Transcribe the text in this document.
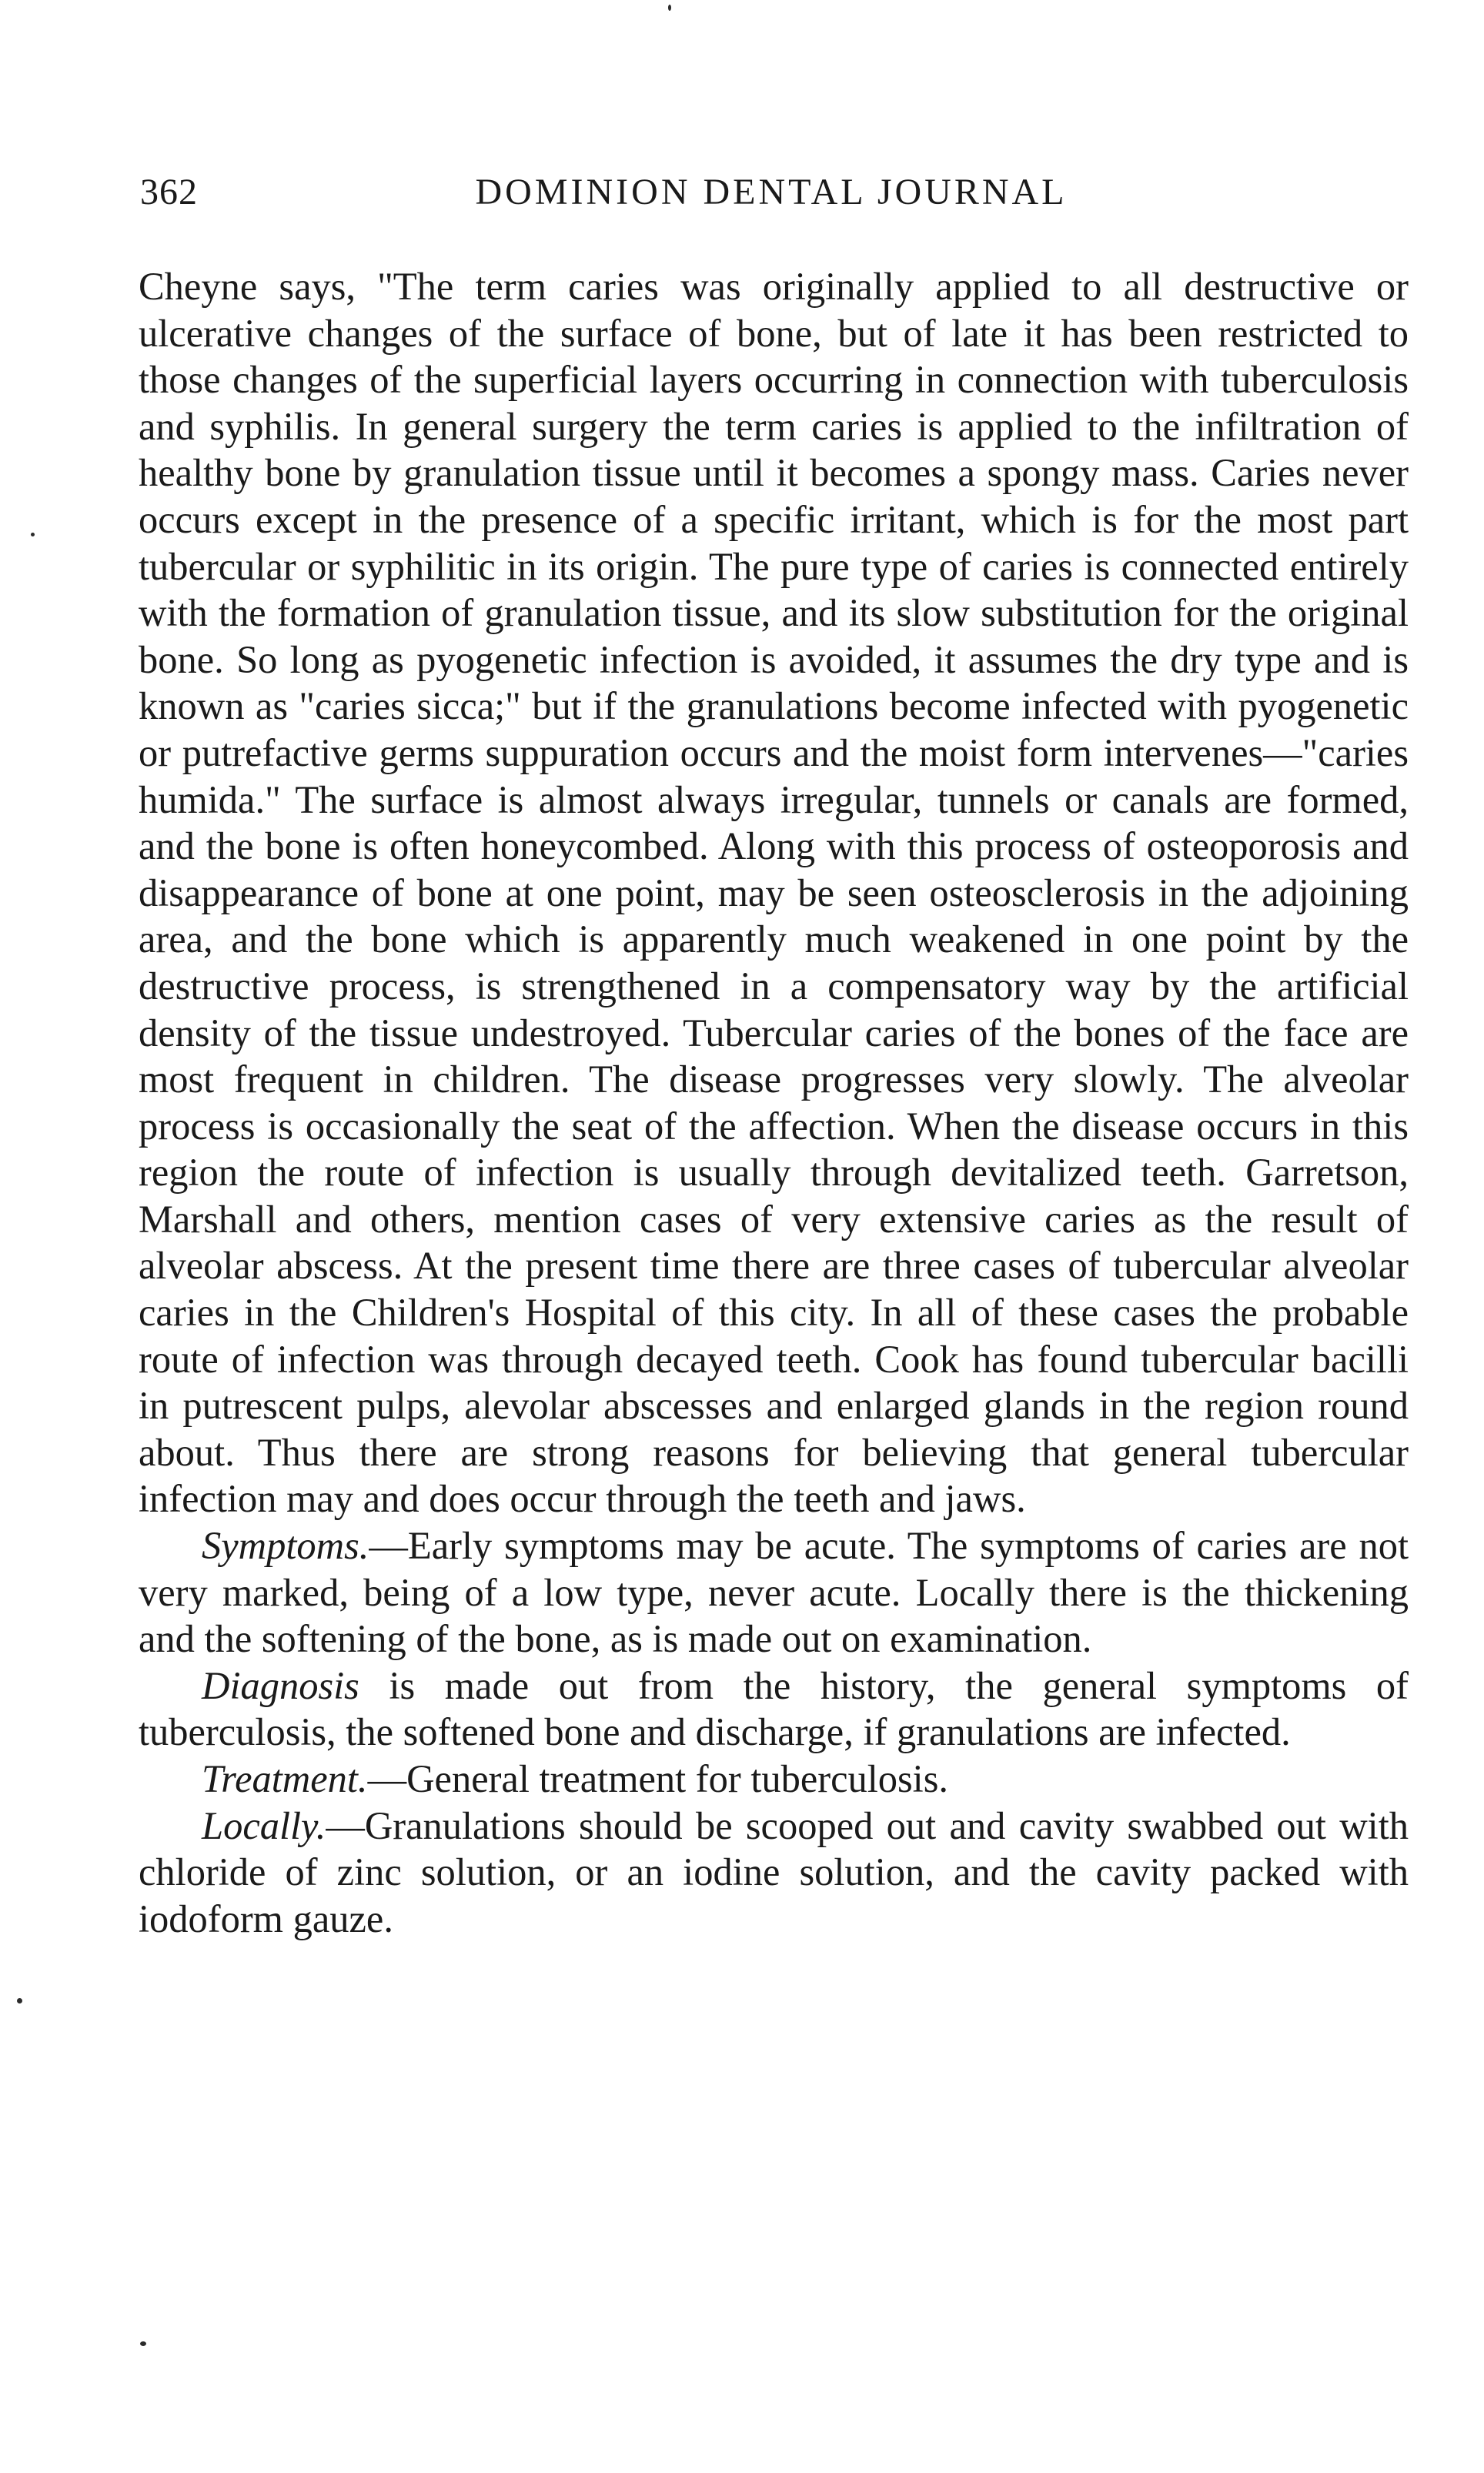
362	DOMINION DENTAL JOURNAL

Cheyne says, "The term caries was originally applied to all destructive or ulcerative changes of the surface of bone, but of late it has been restricted to those changes of the superficial layers occurring in connection with tuberculosis and syphilis. In general surgery the term caries is applied to the infiltration of healthy bone by granulation tissue until it becomes a spongy mass. Caries never occurs except in the presence of a specific irritant, which is for the most part tubercular or syphilitic in its origin. The pure type of caries is connected entirely with the formation of granulation tissue, and its slow substitution for the original bone. So long as pyogenetic infection is avoided, it assumes the dry type and is known as "caries sicca;" but if the granulations become infected with pyogenetic or putrefactive germs suppuration occurs and the moist form intervenes—"caries humida." The surface is almost always irregular, tunnels or canals are formed, and the bone is often honeycombed. Along with this process of osteoporosis and disappearance of bone at one point, may be seen osteosclerosis in the adjoining area, and the bone which is apparently much weakened in one point by the destructive process, is strengthened in a compensatory way by the artificial density of the tissue undestroyed. Tubercular caries of the bones of the face are most frequent in children. The disease progresses very slowly. The alveolar process is occasionally the seat of the affection. When the disease occurs in this region the route of infection is usually through devitalized teeth. Garretson, Marshall and others, mention cases of very extensive caries as the result of alveolar abscess. At the present time there are three cases of tubercular alveolar caries in the Children's Hospital of this city. In all of these cases the probable route of infection was through decayed teeth. Cook has found tubercular bacilli in putrescent pulps, alevolar abscesses and enlarged glands in the region round about. Thus there are strong reasons for believing that general tubercular infection may and does occur through the teeth and jaws.

Symptoms.—Early symptoms may be acute. The symptoms of caries are not very marked, being of a low type, never acute. Locally there is the thickening and the softening of the bone, as is made out on examination.

Diagnosis is made out from the history, the general symptoms of tuberculosis, the softened bone and discharge, if granulations are infected.

Treatment.—General treatment for tuberculosis.

Locally.—Granulations should be scooped out and cavity swabbed out with chloride of zinc solution, or an iodine solution, and the cavity packed with iodoform gauze.
